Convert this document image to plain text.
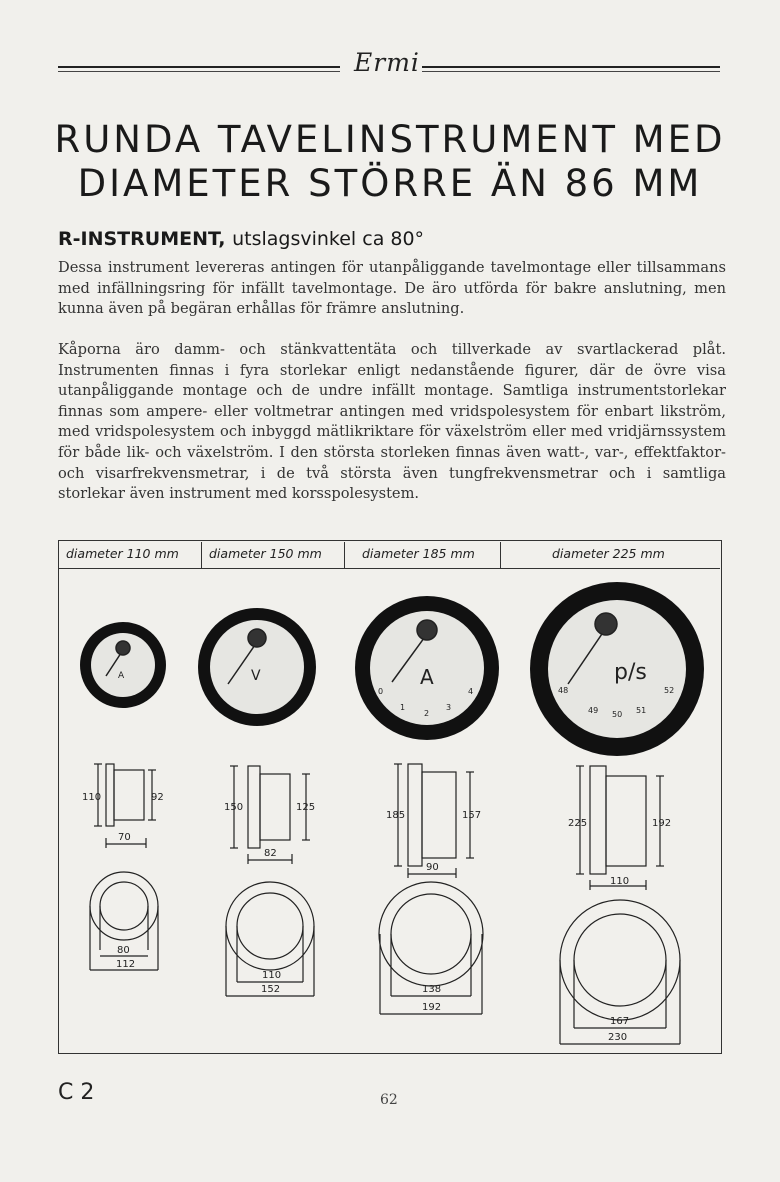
Ermi
RUNDA TAVELINSTRUMENT MED
DIAMETER STÖRRE ÄN 86 MM
R-INSTRUMENT, utslagsvinkel ca 80°

Dessa instrument levereras antingen för utanpåliggande tavelmontage eller tillsammans med infällningsring för infällt tavelmontage. De äro utförda för bakre anslutning, men kunna även på begäran erhållas för främre anslutning.

Kåporna äro damm- och stänkvattentäta och tillverkade av svartlackerad plåt. Instrumenten finnas i fyra storlekar enligt nedanstående figurer, där de övre visa utanpåliggande montage och de undre infällt montage. Samtliga instrumentstorlekar finnas som ampere- eller voltmetrar antingen med vridspolesystem för enbart likström, med vridspolesystem och inbyggd mätlikriktare för växelström eller med vridjärnssystem för både lik- och växelström. I den största storleken finnas även watt-, var-, effektfaktor- och visarfrekvensmetrar, i de två största även tungfrekvensmetrar och i samtliga storlekar även instrument med korsspolesystem.

diameter 110 mm diameter 150 mm	diameter 185 mm	diameter 225 mm
A	V	A
0
1
2
3
4
p/s
48
49 50 51
52
110	92
70
80
112
150	125
82
110
152
185	157
90
138
192
225	192
110
167
230
C 2	62
